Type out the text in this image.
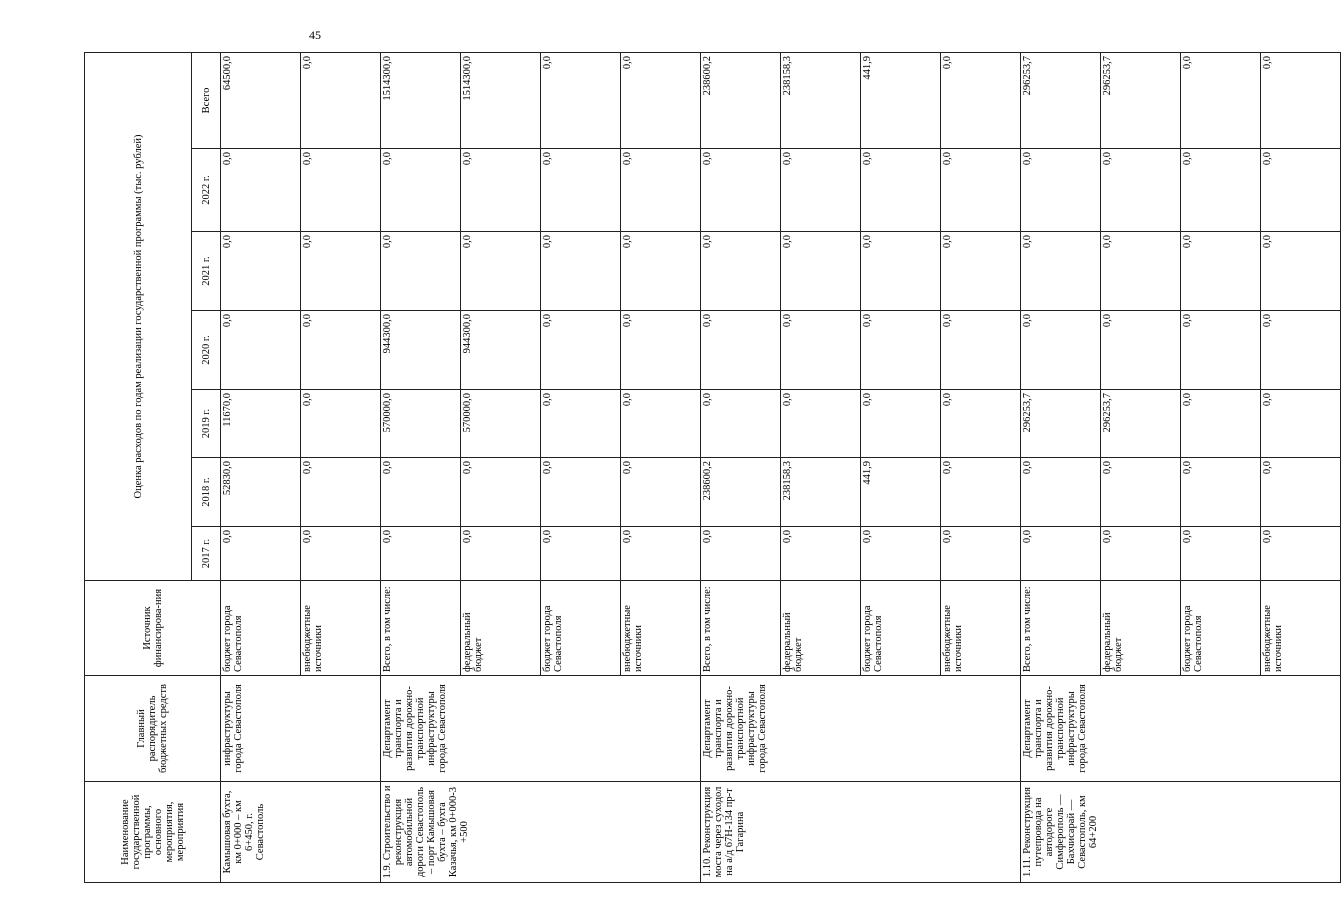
45
Наименование государственной программы, основного мероприятия, мероприятия	Главный распорядитель бюджетных средств	Источник финансирова-ния	Оценка расходов по годам реализации государственной программы (тыс. рублей)						
			2017 г.	2018 г.	2019 г.	2020 г.	2021 г.	2022 г.	Всего
Камышовая бухта, км 0+000 – км 6+450, г. Севастополь	инфраструктуры города Севастополя	бюджет города Севастополя	0,0	52830,0	11670,0	0,0	0,0	0,0	64500,0
		внебюджетные источники	0,0	0,0	0,0	0,0	0,0	0,0	0,0
1.9. Строительство и реконструкция автомобильной дороги Севастополь – порт Камышовая бухта – бухта Казачья, км 0+000-3 +500	Департамент транспорта и развития дорожно-транспортной инфраструктуры города Севастополя	Всего, в том числе:	0,0	0,0	570000,0	944300,0	0,0	0,0	1514300,0
		федеральный бюджет	0,0	0,0	570000,0	944300,0	0,0	0,0	1514300,0
		бюджет города Севастополя	0,0	0,0	0,0	0,0	0,0	0,0	0,0
		внебюджетные источники	0,0	0,0	0,0	0,0	0,0	0,0	0,0
1.10. Реконструкция моста через суходол на а/д 67Н-134 пр-т Гагарина	Департамент транспорта и развития дорожно-транспортной инфраструктуры города Севастополя	Всего, в том числе:	0,0	238600,2	0,0	0,0	0,0	0,0	238600,2
		федеральный бюджет	0,0	238158,3	0,0	0,0	0,0	0,0	238158,3
		бюджет города Севастополя	0,0	441,9	0,0	0,0	0,0	0,0	441,9
		внебюджетные источники	0,0	0,0	0,0	0,0	0,0	0,0	0,0
1.11. Реконструкция путепровода на автодороге Симферополь — Бахчисарай — Севастополь, км 64+200	Департамент транспорта и развития дорожно-транспортной инфраструктуры города Севастополя	Всего, в том числе:	0,0	0,0	296253,7	0,0	0,0	0,0	296253,7
		федеральный бюджет	0,0	0,0	296253,7	0,0	0,0	0,0	296253,7
		бюджет города Севастополя	0,0	0,0	0,0	0,0	0,0	0,0	0,0
		внебюджетные источники	0,0	0,0	0,0	0,0	0,0	0,0	0,0
